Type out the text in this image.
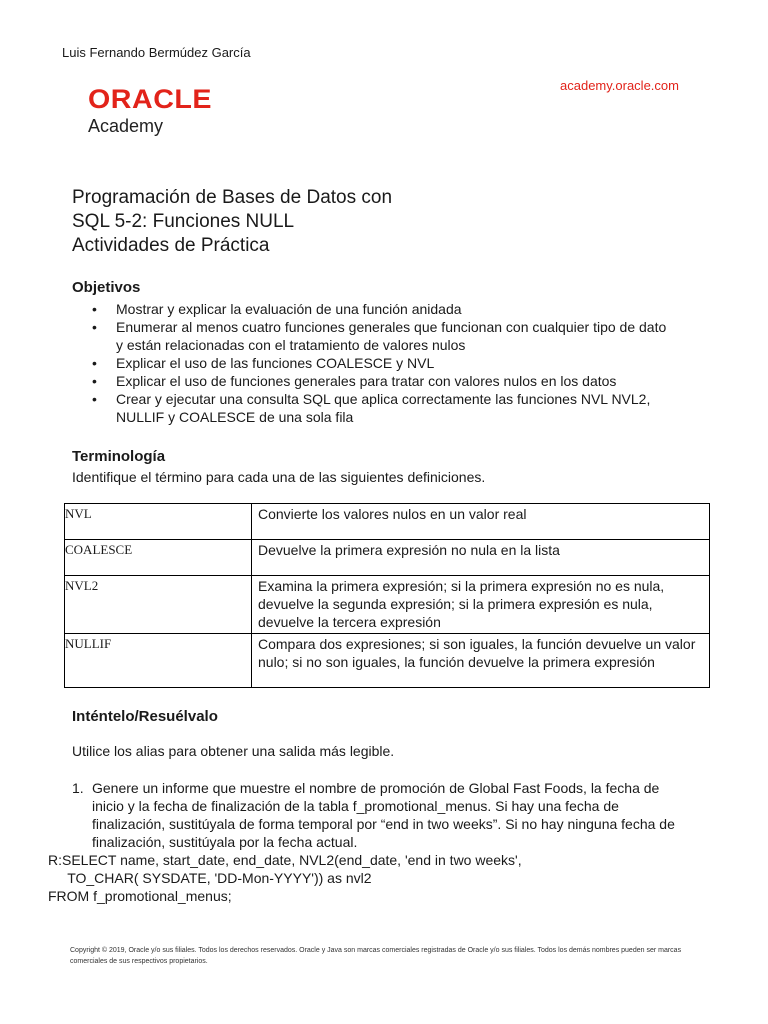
Luis Fernando Bermúdez García
academy.oracle.com
ORACLE
Academy
Programación de Bases de Datos con
SQL 5-2: Funciones NULL
Actividades de Práctica
Objetivos
• Mostrar y explicar la evaluación de una función anidada
• Enumerar al menos cuatro funciones generales que funcionan con cualquier tipo de dato y están relacionadas con el tratamiento de valores nulos
• Explicar el uso de las funciones COALESCE y NVL
• Explicar el uso de funciones generales para tratar con valores nulos en los datos
• Crear y ejecutar una consulta SQL que aplica correctamente las funciones NVL NVL2, NULLIF y COALESCE de una sola fila
Terminología
Identifique el término para cada una de las siguientes definiciones.
NVL	Convierte los valores nulos en un valor real
COALESCE	Devuelve la primera expresión no nula en la lista
NVL2	Examina la primera expresión; si la primera expresión no es nula, devuelve la segunda expresión; si la primera expresión es nula, devuelve la tercera expresión
NULLIF	Compara dos expresiones; si son iguales, la función devuelve un valor nulo; si no son iguales, la función devuelve la primera expresión
Inténtelo/Resuélvalo
Utilice los alias para obtener una salida más legible.
1. Genere un informe que muestre el nombre de promoción de Global Fast Foods, la fecha de inicio y la fecha de finalización de la tabla f_promotional_menus. Si hay una fecha de finalización, sustitúyala de forma temporal por “end in two weeks”. Si no hay ninguna fecha de finalización, sustitúyala por la fecha actual.
R:SELECT name, start_date, end_date, NVL2(end_date, 'end in two weeks',
TO_CHAR( SYSDATE, 'DD-Mon-YYYY')) as nvl2
FROM f_promotional_menus;
Copyright © 2019, Oracle y/o sus filiales. Todos los derechos reservados. Oracle y Java son marcas comerciales registradas de Oracle y/o sus filiales. Todos los demás nombres pueden ser marcas comerciales de sus respectivos propietarios.
